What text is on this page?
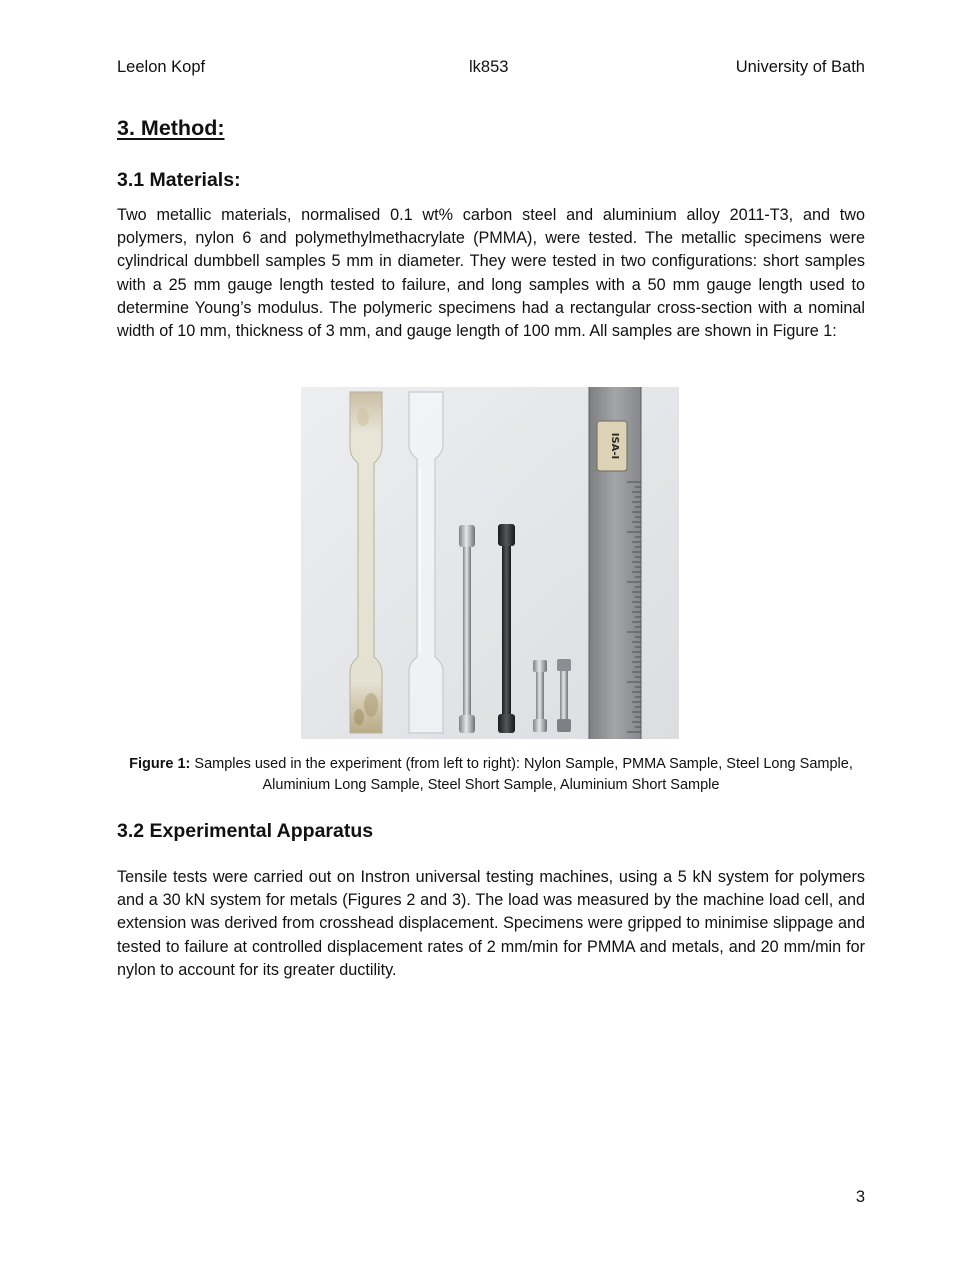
Leelon Kopf	lk853	University of Bath
3. Method:
3.1 Materials:

Two metallic materials, normalised 0.1 wt% carbon steel and aluminium alloy 2011-T3, and two polymers, nylon 6 and polymethylmethacrylate (PMMA), were tested. The metallic specimens were cylindrical dumbbell samples 5 mm in diameter. They were tested in two configurations: short samples with a 25 mm gauge length tested to failure, and long samples with a 50 mm gauge length used to determine Young’s modulus. The polymeric specimens had a rectangular cross-section with a nominal width of 10 mm, thickness of 3 mm, and gauge length of 100 mm. All samples are shown in Figure 1:

ISA-I

Figure 1: Samples used in the experiment (from left to right): Nylon Sample, PMMA Sample, Steel Long Sample, Aluminium Long Sample, Steel Short Sample, Aluminium Short Sample

3.2 Experimental Apparatus

Tensile tests were carried out on Instron universal testing machines, using a 5 kN system for polymers and a 30 kN system for metals (Figures 2 and 3). The load was measured by the machine load cell, and extension was derived from crosshead displacement. Specimens were gripped to minimise slippage and tested to failure at controlled displacement rates of 2 mm/min for PMMA and metals, and 20 mm/min for nylon to account for its greater ductility.

3
